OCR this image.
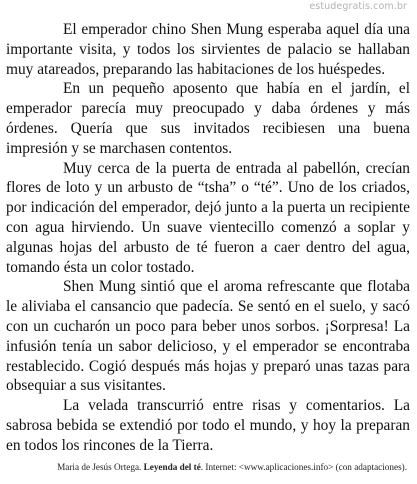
estudegratis.com.br

El emperador chino Shen Mung esperaba aquel día una importante visita, y todos los sirvientes de palacio se hallaban muy atareados, preparando las habitaciones de los huéspedes.

En un pequeño aposento que había en el jardín, el emperador parecía muy preocupado y daba órdenes y más órdenes. Quería que sus invitados recibiesen una buena impresión y se marchasen contentos.

Muy cerca de la puerta de entrada al pabellón, crecían flores de loto y un arbusto de “tsha” o “té”. Uno de los criados, por indicación del emperador, dejó junto a la puerta un recipiente con agua hirviendo. Un suave vientecillo comenzó a soplar y algunas hojas del arbusto de té fueron a caer dentro del agua, tomando ésta un color tostado.

Shen Mung sintió que el aroma refrescante que flotaba le aliviaba el cansancio que padecía. Se sentó en el suelo, y sacó con un cucharón un poco para beber unos sorbos. ¡Sorpresa! La infusión tenía un sabor delicioso, y el emperador se encontraba restablecido. Cogió después más hojas y preparó unas tazas para obsequiar a sus visitantes.

La velada transcurrió entre risas y comentarios. La sabrosa bebida se extendió por todo el mundo, y hoy la preparan en todos los rincones de la Tierra.

Maria de Jesús Ortega. Leyenda del té. Internet: <www.aplicaciones.info> (con adaptaciones).
